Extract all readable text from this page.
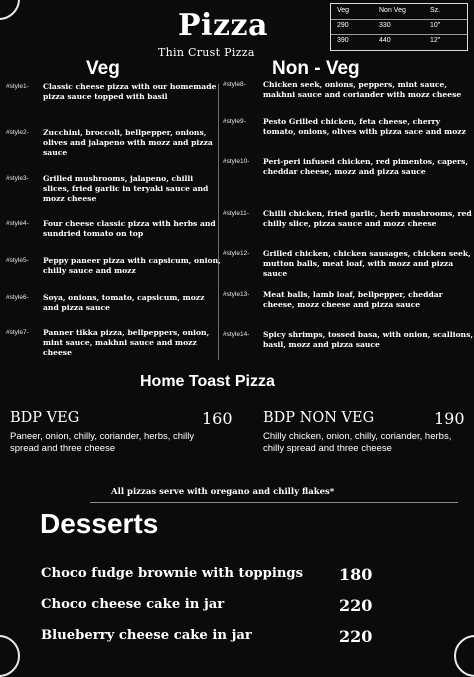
Pizza
Thin Crust Pizza
Veg	Non Veg	Sz.
290	330	10"
390	440	12"
Veg	Non - Veg
#style1- Classic cheese pizza with our homemade pizza sauce topped with basil
#style2- Zucchini, broccoli, bellpepper, onions, olives and jalapeno with mozz and pizza sauce
#style3- Grilled mushrooms, jalapeno, chilli slices, fried garlic in teryaki sauce and mozz cheese
#style4- Four cheese classic pizza with herbs and sundried tomato on top
#style5- Peppy paneer pizza with capsicum, onion, chilly sauce and mozz
#style6- Soya, onions, tomato, capsicum, mozz and pizza sauce
#style7- Panner tikka pizza, bellpeppers, onion, mint sauce, makhni sauce and mozz cheese
#style8- Chicken seek, onions, peppers, mint sauce, makhni sauce and coriander with mozz cheese
#style9- Pesto Grilled chicken, feta cheese, cherry tomato, onions, olives with pizza sace and mozz
#style10- Peri-peri infused chicken, red pimentos, capers, cheddar cheese, mozz and pizza sauce
#style11- Chilli chicken, fried garlic, herb mushrooms, red chilly slice, pizza sauce and mozz cheese
#style12- Grilled chicken, chicken sausages, chicken seek, mutton balls, meat loaf, with mozz and pizza sauce
#style13- Meat balls, lamb loaf, bellpepper, cheddar cheese, mozz cheese and pizza sauce
#style14- Spicy shrimps, tossed basa, with onion, scallions, basil, mozz and pizza sauce
Home Toast Pizza
BDP VEG	160
Paneer, onion, chilly, coriander, herbs, chilly spread and three cheese
BDP NON VEG	190
Chilly chicken, onion, chilly, coriander, herbs, chilly spread and three cheese
All pizzas serve with oregano and chilly flakes*
Desserts
Choco fudge brownie with toppings	180
Choco cheese cake in jar	220
Blueberry cheese cake in jar	220
